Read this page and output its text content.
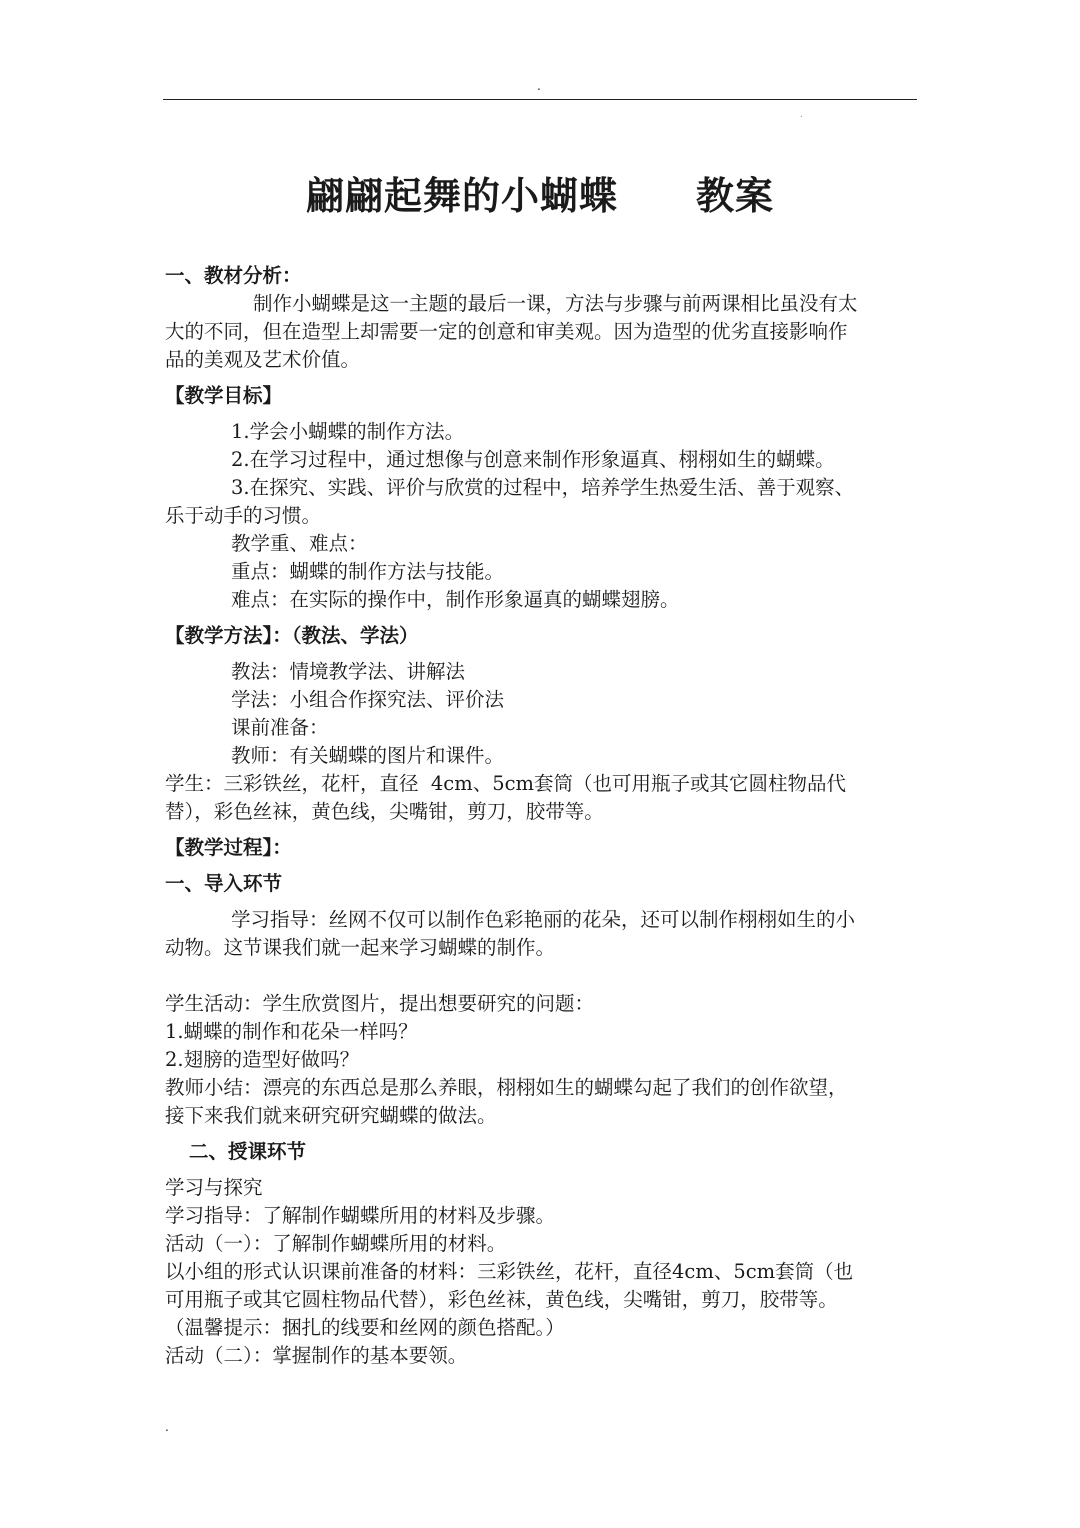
.
.
翩翩起舞的小蝴蝶 教案

一、教材分析：

制作小蝴蝶是这一主题的最后一课，方法与步骤与前两课相比虽没有太

大的不同，但在造型上却需要一定的创意和审美观。因为造型的优劣直接影响作

品的美观及艺术价值。

【教学目标】

1.学会小蝴蝶的制作方法。

2.在学习过程中，通过想像与创意来制作形象逼真、栩栩如生的蝴蝶。

3.在探究、实践、评价与欣赏的过程中，培养学生热爱生活、善于观察、

乐于动手的习惯。

教学重、难点：

重点：蝴蝶的制作方法与技能。

难点：在实际的操作中，制作形象逼真的蝴蝶翅膀。

【教学方法】：（教法、学法）

教法：情境教学法、讲解法

学法：小组合作探究法、评价法

课前准备：

教师：有关蝴蝶的图片和课件。

学生：三彩铁丝，花杆，直径  4cm、5cm套筒（也可用瓶子或其它圆柱物品代

替），彩色丝袜，黄色线，尖嘴钳，剪刀，胶带等。

【教学过程】：

一、导入环节

学习指导：丝网不仅可以制作色彩艳丽的花朵，还可以制作栩栩如生的小

动物。这节课我们就一起来学习蝴蝶的制作。

学生活动：学生欣赏图片，提出想要研究的问题：

1.蝴蝶的制作和花朵一样吗？

2.翅膀的造型好做吗？

教师小结：漂亮的东西总是那么养眼，栩栩如生的蝴蝶勾起了我们的创作欲望，

接下来我们就来研究研究蝴蝶的做法。

二、授课环节

学习与探究

学习指导：了解制作蝴蝶所用的材料及步骤。

活动（一）：了解制作蝴蝶所用的材料。

以小组的形式认识课前准备的材料：三彩铁丝，花杆，直径4cm、5cm套筒（也

可用瓶子或其它圆柱物品代替），彩色丝袜，黄色线，尖嘴钳，剪刀，胶带等。

（温馨提示：捆扎的线要和丝网的颜色搭配。）

活动（二）：掌握制作的基本要领。

.
